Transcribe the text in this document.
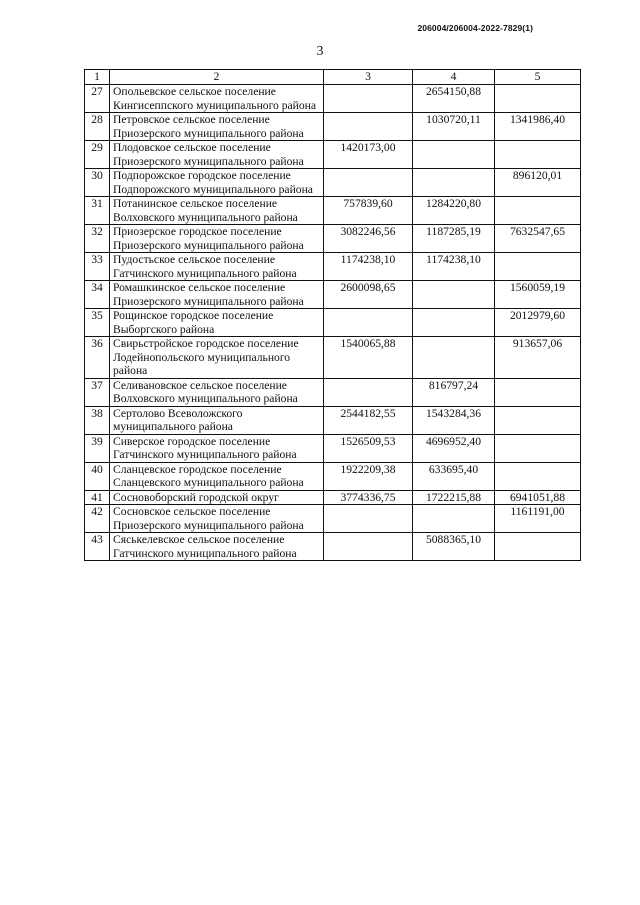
206004/206004-2022-7829(1)
3
1	2	3	4	5
27	Опольевское сельское поселение Кингисеппского муниципального района		2654150,88	
28	Петровское сельское поселение Приозерского муниципального района		1030720,11	1341986,40
29	Плодовское сельское поселение Приозерского муниципального района	1420173,00		
30	Подпорожское городское поселение Подпорожского муниципального района			896120,01
31	Потанинское сельское поселение Волховского муниципального района	757839,60	1284220,80	
32	Приозерское городское поселение Приозерского муниципального района	3082246,56	1187285,19	7632547,65
33	Пудостьское сельское поселение Гатчинского муниципального района	1174238,10	1174238,10	
34	Ромашкинское сельское поселение Приозерского муниципального района	2600098,65		1560059,19
35	Рощинское городское поселение Выборгского района			2012979,60
36	Свирьстройское городское поселение Лодейнопольского муниципального района	1540065,88		913657,06
37	Селивановское сельское поселение Волховского муниципального района		816797,24	
38	Сертолово Всеволожского муниципального района	2544182,55	1543284,36	
39	Сиверское городское поселение Гатчинского муниципального района	1526509,53	4696952,40	
40	Сланцевское городское поселение Сланцевского муниципального района	1922209,38	633695,40	
41	Сосновоборский городской округ	3774336,75	1722215,88	6941051,88
42	Сосновское сельское поселение Приозерского муниципального района			1161191,00
43	Сяськелевское сельское поселение Гатчинского муниципального района		5088365,10	
